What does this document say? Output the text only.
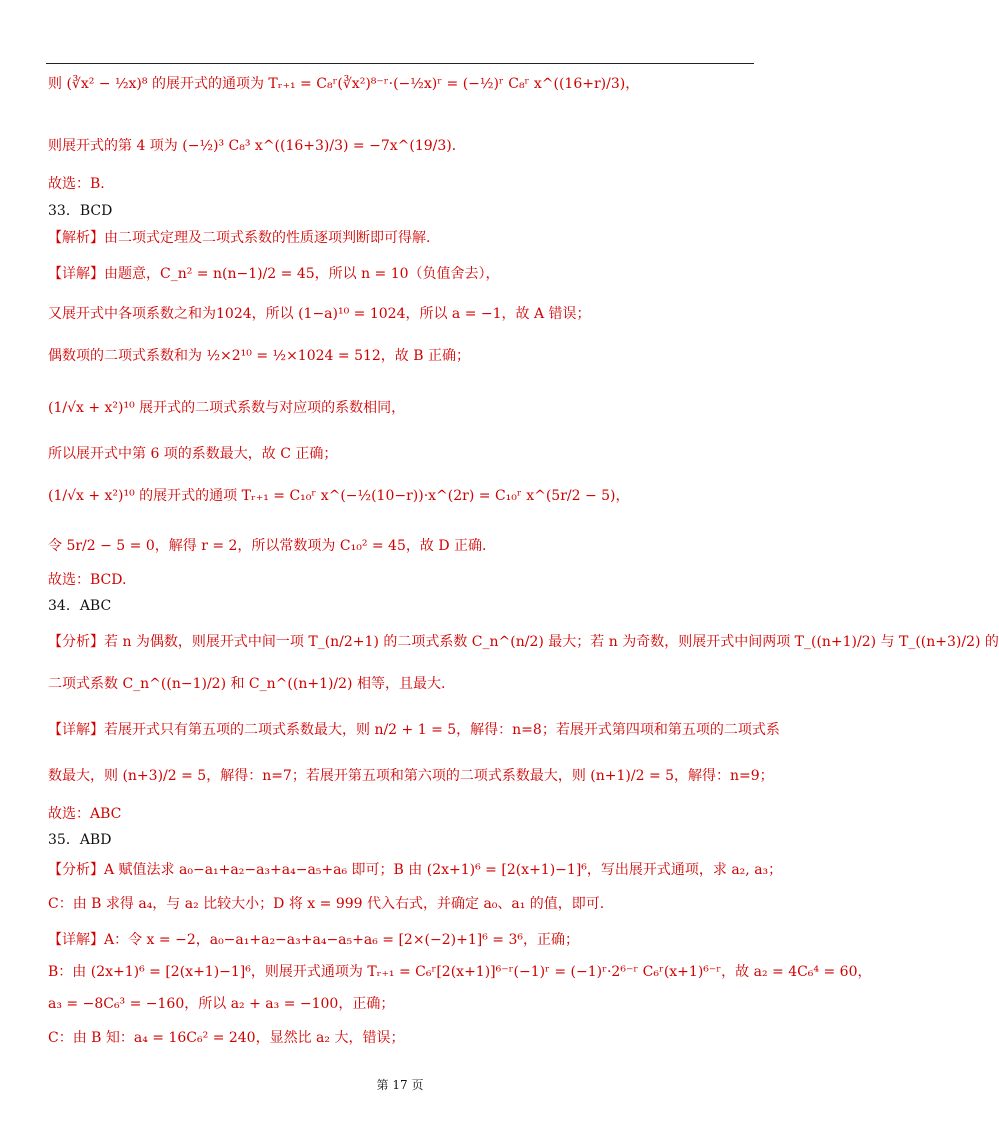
则 (∛x² − ½x)⁸ 的展开式的通项为 Tᵣ₊₁ = C₈ʳ(∛x²)⁸⁻ʳ·(−½x)ʳ = (−½)ʳ C₈ʳ x^((16+r)/3)，
则展开式的第 4 项为 (−½)³ C₈³ x^((16+3)/3) = −7x^(19/3)．
故选：B.
33．BCD
【解析】由二项式定理及二项式系数的性质逐项判断即可得解.
【详解】由题意，C_n² = n(n−1)/2 = 45，所以 n = 10（负值舍去），
又展开式中各项系数之和为1024，所以 (1−a)¹⁰ = 1024，所以 a = −1，故 A 错误；
偶数项的二项式系数和为 ½×2¹⁰ = ½×1024 = 512，故 B 正确；
(1/√x + x²)¹⁰ 展开式的二项式系数与对应项的系数相同，
所以展开式中第 6 项的系数最大，故 C 正确；
(1/√x + x²)¹⁰ 的展开式的通项 Tᵣ₊₁ = C₁₀ʳ x^(−½(10−r))·x^(2r) = C₁₀ʳ x^(5r/2 − 5)，
令 5r/2 − 5 = 0，解得 r = 2，所以常数项为 C₁₀² = 45，故 D 正确.
故选：BCD.
34．ABC
【分析】若 n 为偶数，则展开式中间一项 T_(n/2+1) 的二项式系数 C_n^(n/2) 最大；若 n 为奇数，则展开式中间两项 T_((n+1)/2) 与 T_((n+3)/2) 的
二项式系数 C_n^((n−1)/2) 和 C_n^((n+1)/2) 相等，且最大.
【详解】若展开式只有第五项的二项式系数最大，则 n/2 + 1 = 5，解得：n=8；若展开式第四项和第五项的二项式系
数最大，则 (n+3)/2 = 5，解得：n=7；若展开第五项和第六项的二项式系数最大，则 (n+1)/2 = 5，解得：n=9；
故选：ABC
35．ABD
【分析】A 赋值法求 a₀−a₁+a₂−a₃+a₄−a₅+a₆ 即可；B 由 (2x+1)⁶ = [2(x+1)−1]⁶，写出展开式通项，求 a₂, a₃；
C：由 B 求得 a₄，与 a₂ 比较大小；D 将 x = 999 代入右式，并确定 a₀、a₁ 的值，即可.
【详解】A：令 x = −2，a₀−a₁+a₂−a₃+a₄−a₅+a₆ = [2×(−2)+1]⁶ = 3⁶，正确；
B：由 (2x+1)⁶ = [2(x+1)−1]⁶，则展开式通项为 Tᵣ₊₁ = C₆ʳ[2(x+1)]⁶⁻ʳ(−1)ʳ = (−1)ʳ·2⁶⁻ʳ C₆ʳ(x+1)⁶⁻ʳ，故 a₂ = 4C₆⁴ = 60，
a₃ = −8C₆³ = −160，所以 a₂ + a₃ = −100，正确；
C：由 B 知：a₄ = 16C₆² = 240，显然比 a₂ 大，错误；
第 17 页
